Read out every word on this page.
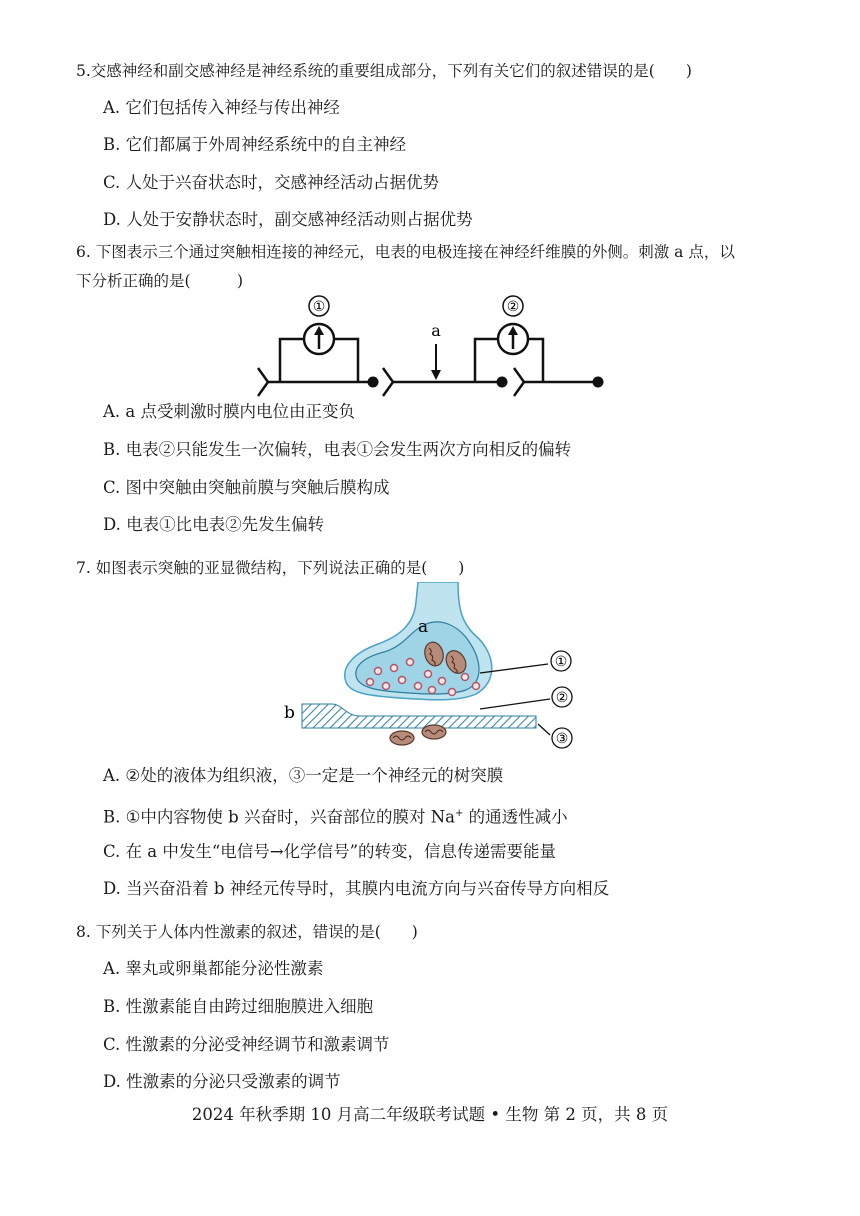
5.交感神经和副交感神经是神经系统的重要组成部分，下列有关它们的叙述错误的是(　　)
A. 它们包括传入神经与传出神经
B. 它们都属于外周神经系统中的自主神经
C. 人处于兴奋状态时，交感神经活动占据优势
D. 人处于安静状态时，副交感神经活动则占据优势
6. 下图表示三个通过突触相连接的神经元，电表的电极连接在神经纤维膜的外侧。刺激 a 点，以
下分析正确的是(　　　)
①
a
②
A. a 点受刺激时膜内电位由正变负
B. 电表②只能发生一次偏转，电表①会发生两次方向相反的偏转
C. 图中突触由突触前膜与突触后膜构成
D. 电表①比电表②先发生偏转
7. 如图表示突触的亚显微结构，下列说法正确的是(　　)
a
b
①
②
③
A. ②处的液体为组织液，③一定是一个神经元的树突膜
B. ①中内容物使 b 兴奋时，兴奋部位的膜对 Na+ 的通透性减小
C. 在 a 中发生“电信号→化学信号”的转变，信息传递需要能量
D. 当兴奋沿着 b 神经元传导时，其膜内电流方向与兴奋传导方向相反
8. 下列关于人体内性激素的叙述，错误的是(　　)
A. 睾丸或卵巢都能分泌性激素
B. 性激素能自由跨过细胞膜进入细胞
C. 性激素的分泌受神经调节和激素调节
D. 性激素的分泌只受激素的调节
2024 年秋季期 10 月高二年级联考试题 • 生物 第 2 页，共 8 页
